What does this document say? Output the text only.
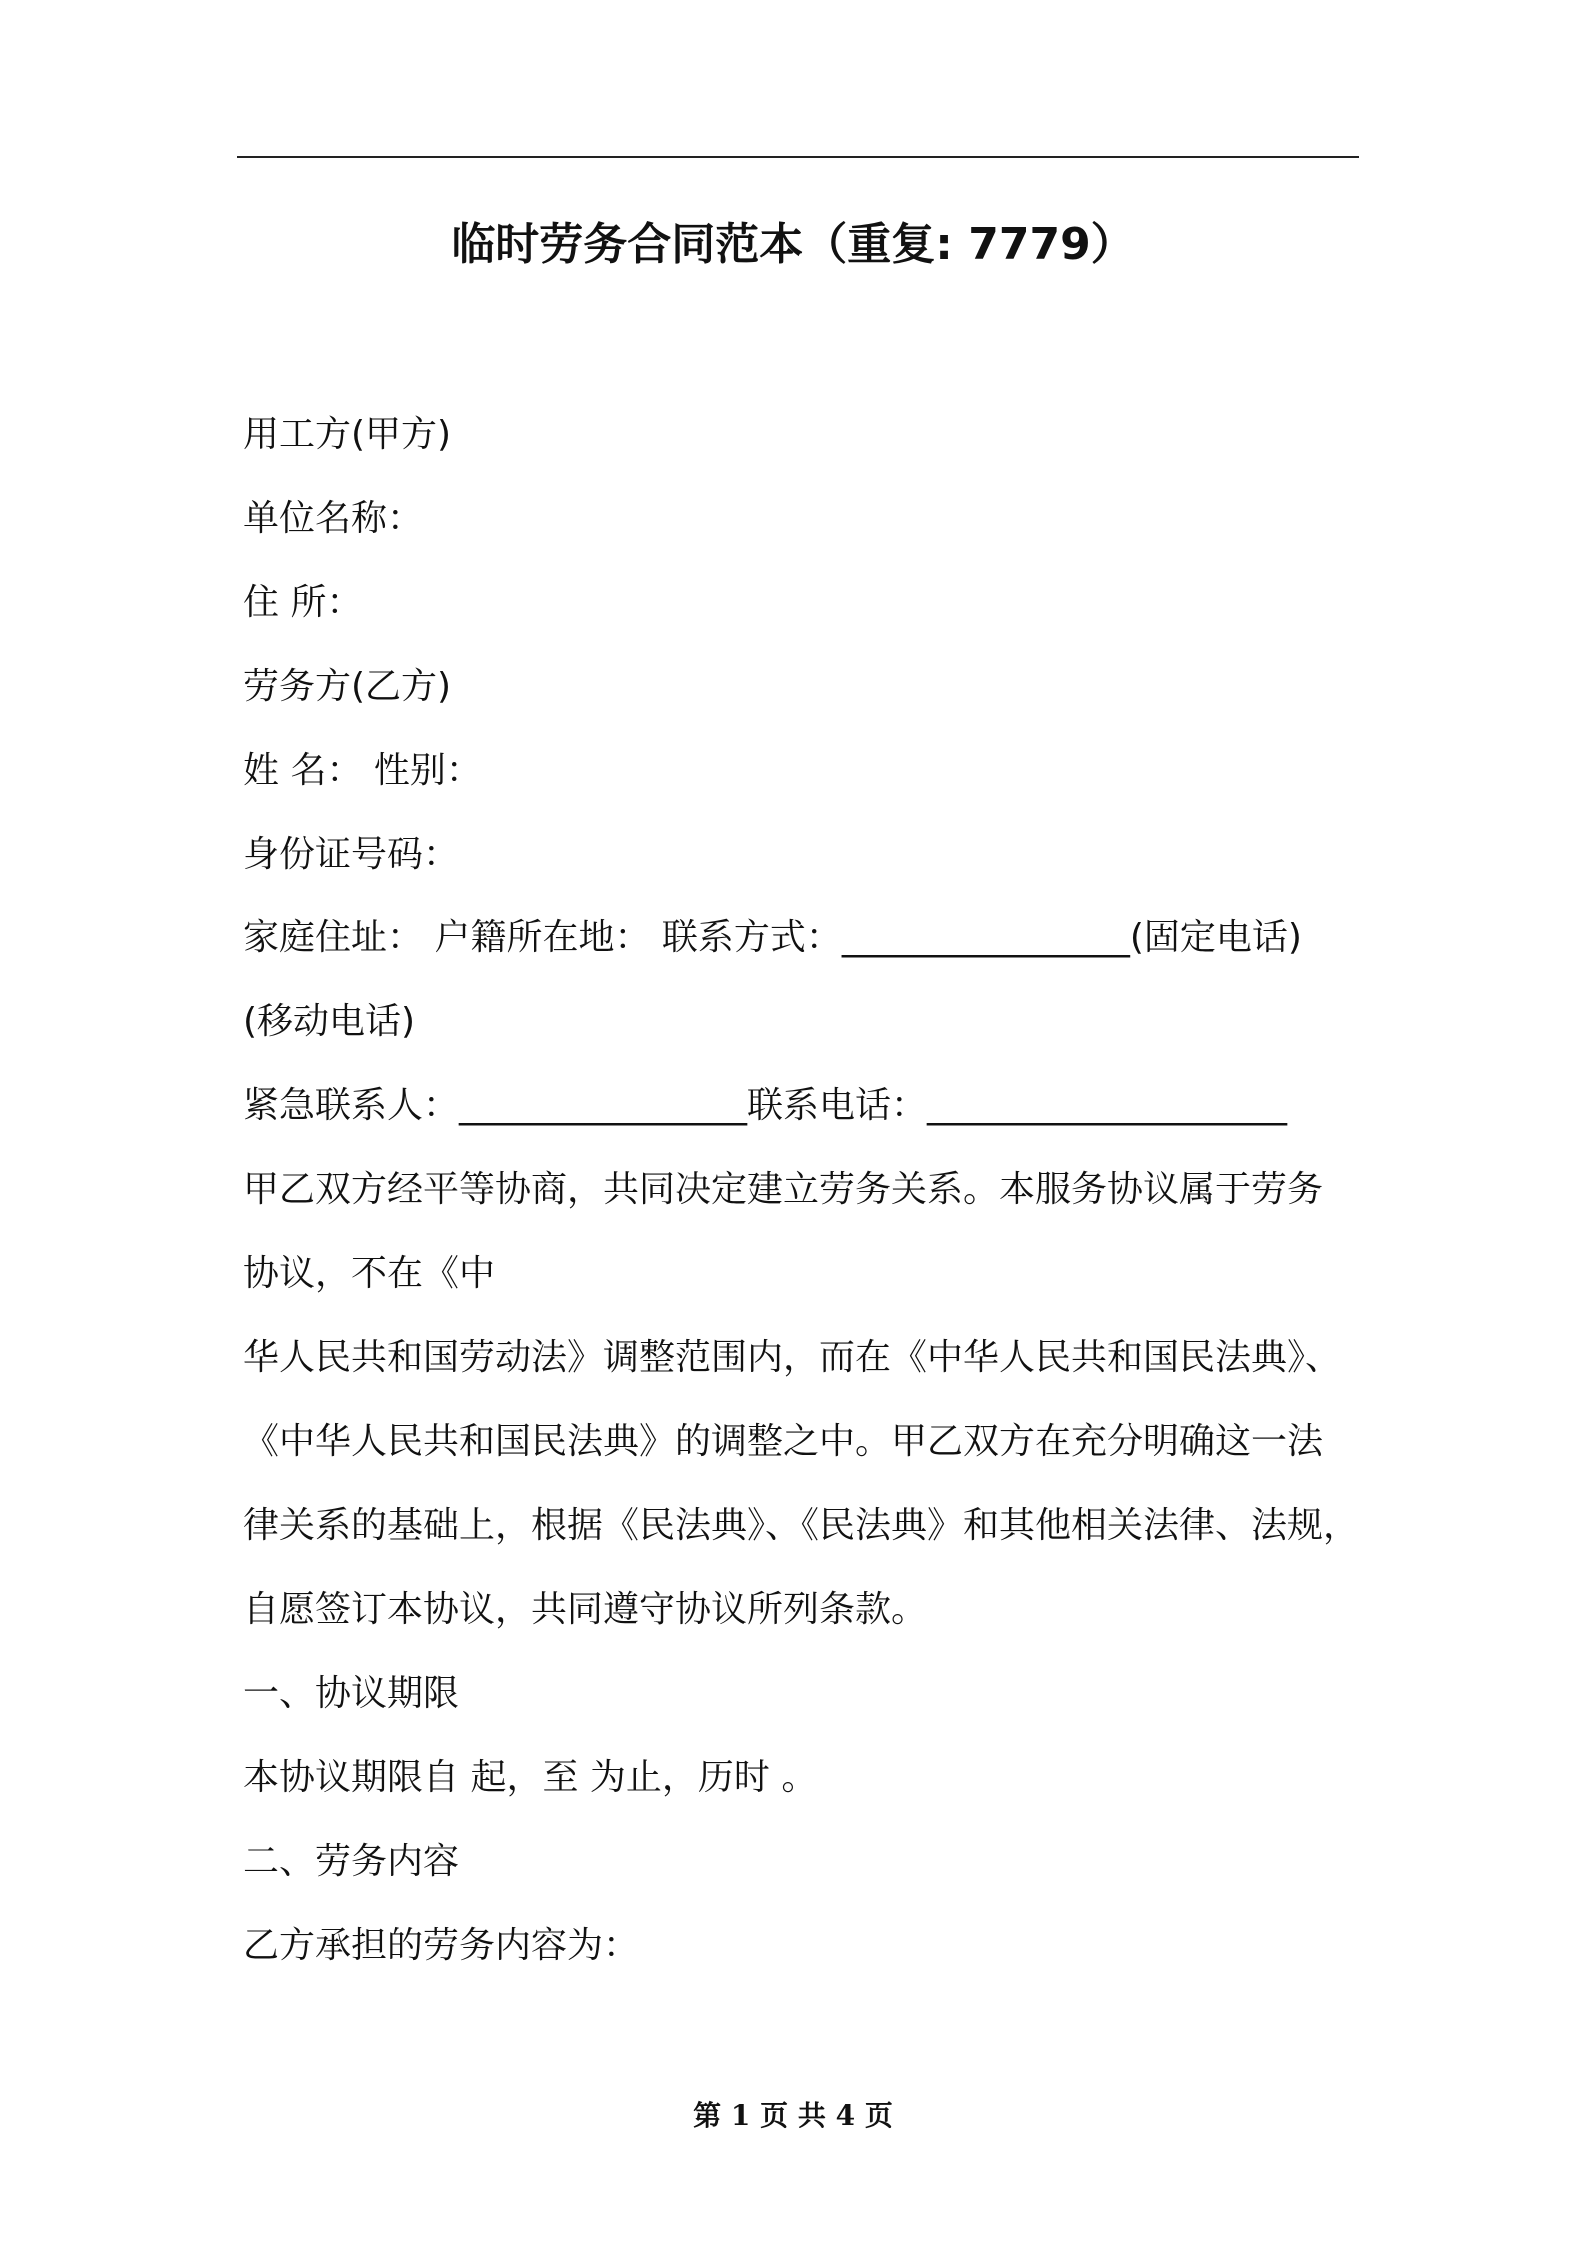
临时劳务合同范本（重复: 7779）
用工方(甲方)
单位名称：
住 所：
劳务方(乙方)
姓 名： 性别：
身份证号码：
家庭住址： 户籍所在地： 联系方式：________________(固定电话)
(移动电话)
紧急联系人：________________联系电话：____________________
甲乙双方经平等协商，共同决定建立劳务关系。本服务协议属于劳务
协议，不在《中
华人民共和国劳动法》调整范围内，而在《中华人民共和国民法典》、
《中华人民共和国民法典》的调整之中。甲乙双方在充分明确这一法
律关系的基础上，根据《民法典》、《民法典》和其他相关法律、法规，
自愿签订本协议，共同遵守协议所列条款。
一、协议期限
本协议期限自 起，至 为止，历时 。
二、劳务内容
乙方承担的劳务内容为：
第 1 页 共 4 页
